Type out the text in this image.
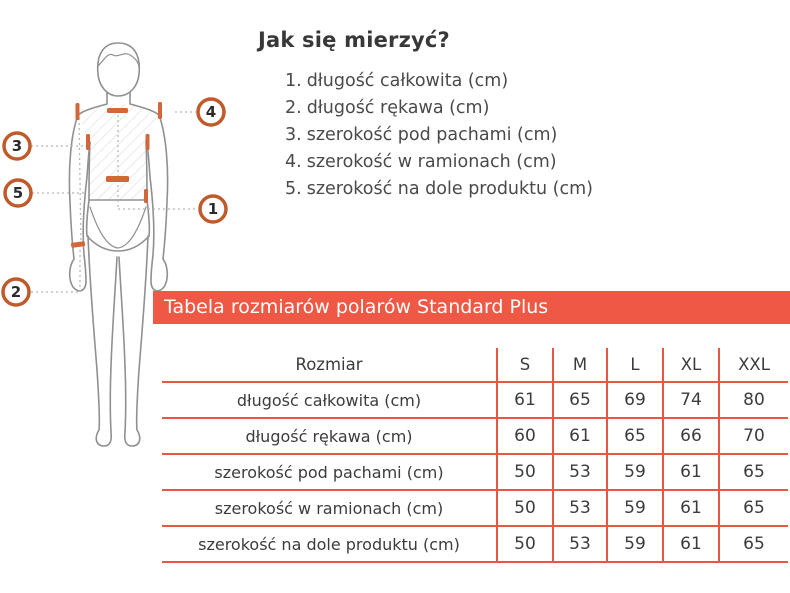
1
2
3
4
5
Jak się mierzyć?
1. długość całkowita (cm)
2. długość rękawa (cm)
3. szerokość pod pachami (cm)
4. szerokość w ramionach (cm)
5. szerokość na dole produktu (cm)
Tabela rozmiarów polarów Standard Plus
Rozmiar	S	M	L	XL	XXL
długość całkowita (cm)	61	65	69	74	80
długość rękawa (cm)	60	61	65	66	70
szerokość pod pachami (cm)	50	53	59	61	65
szerokość w ramionach (cm)	50	53	59	61	65
szerokość na dole produktu (cm)	50	53	59	61	65
